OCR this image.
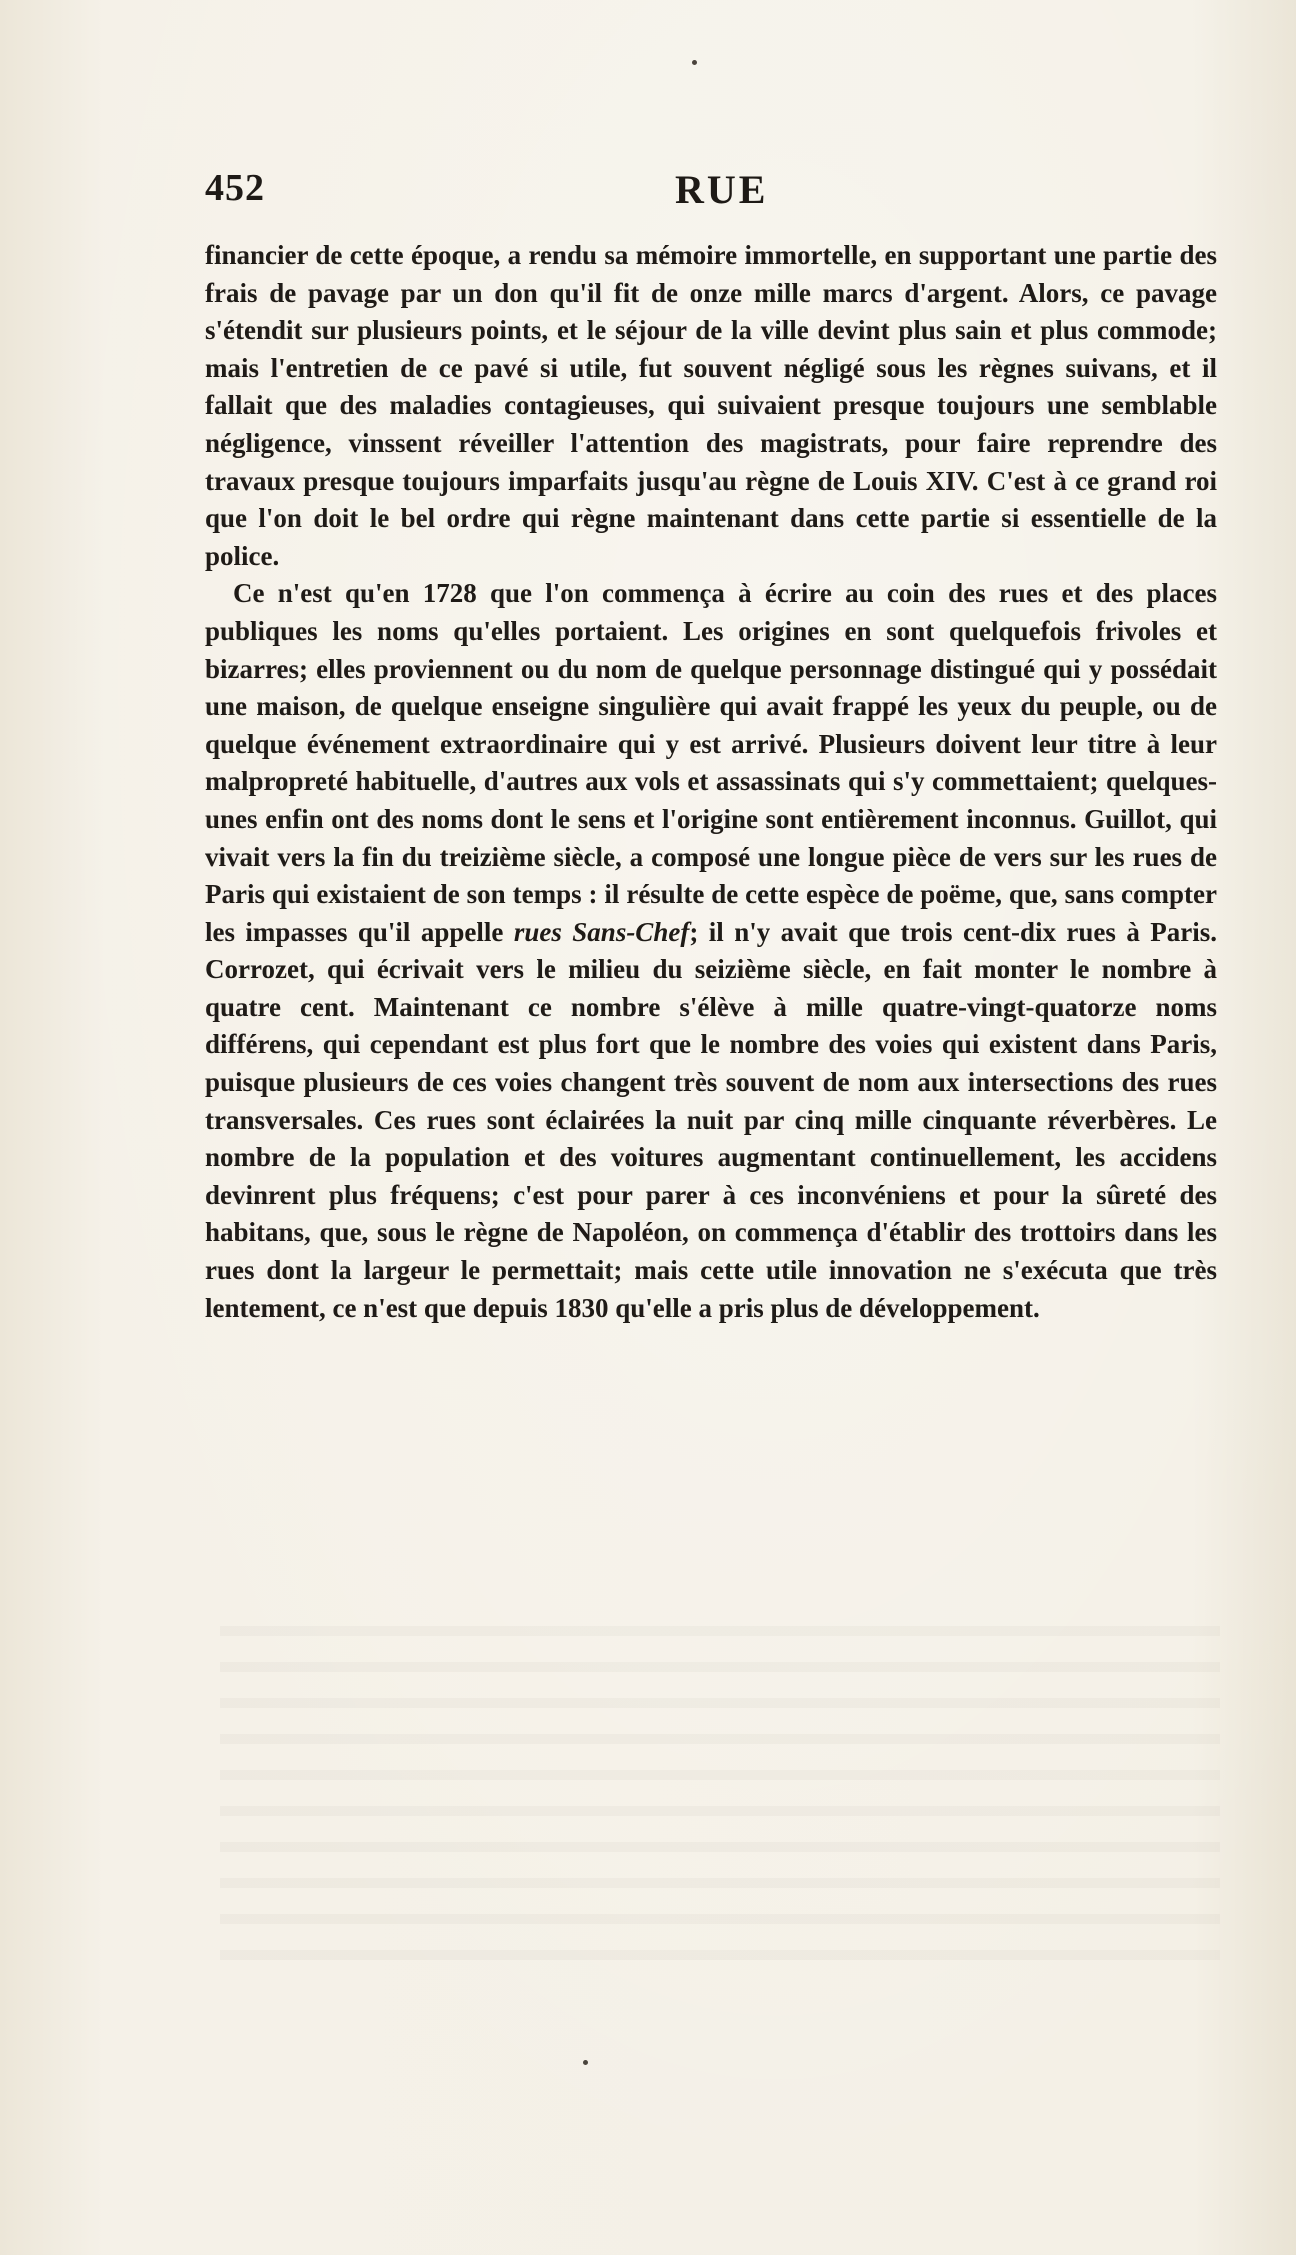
452	RUE

financier de cette époque, a rendu sa mémoire immortelle, en supportant une partie des frais de pavage par un don qu'il fit de onze mille marcs d'argent. Alors, ce pavage s'étendit sur plusieurs points, et le séjour de la ville devint plus sain et plus commode; mais l'entretien de ce pavé si utile, fut souvent négligé sous les règnes suivans, et il fallait que des maladies contagieuses, qui suivaient presque toujours une semblable négligence, vinssent réveiller l'attention des magistrats, pour faire reprendre des travaux presque toujours imparfaits jusqu'au règne de Louis XIV. C'est à ce grand roi que l'on doit le bel ordre qui règne maintenant dans cette partie si essentielle de la police.

Ce n'est qu'en 1728 que l'on commença à écrire au coin des rues et des places publiques les noms qu'elles portaient. Les origines en sont quelquefois frivoles et bizarres; elles proviennent ou du nom de quelque personnage distingué qui y possédait une maison, de quelque enseigne singulière qui avait frappé les yeux du peuple, ou de quelque événement extraordinaire qui y est arrivé. Plusieurs doivent leur titre à leur malpropreté habituelle, d'autres aux vols et assassinats qui s'y commettaient; quelques-unes enfin ont des noms dont le sens et l'origine sont entièrement inconnus. Guillot, qui vivait vers la fin du treizième siècle, a composé une longue pièce de vers sur les rues de Paris qui existaient de son temps : il résulte de cette espèce de poëme, que, sans compter les impasses qu'il appelle rues Sans-Chef; il n'y avait que trois cent-dix rues à Paris. Corrozet, qui écrivait vers le milieu du seizième siècle, en fait monter le nombre à quatre cent. Maintenant ce nombre s'élève à mille quatre-vingt-quatorze noms différens, qui cependant est plus fort que le nombre des voies qui existent dans Paris, puisque plusieurs de ces voies changent très souvent de nom aux intersections des rues transversales. Ces rues sont éclairées la nuit par cinq mille cinquante réverbères. Le nombre de la population et des voitures augmentant continuellement, les accidens devinrent plus fréquens; c'est pour parer à ces inconvéniens et pour la sûreté des habitans, que, sous le règne de Napoléon, on commença d'établir des trottoirs dans les rues dont la largeur le permettait; mais cette utile innovation ne s'exécuta que très lentement, ce n'est que depuis 1830 qu'elle a pris plus de développement.
